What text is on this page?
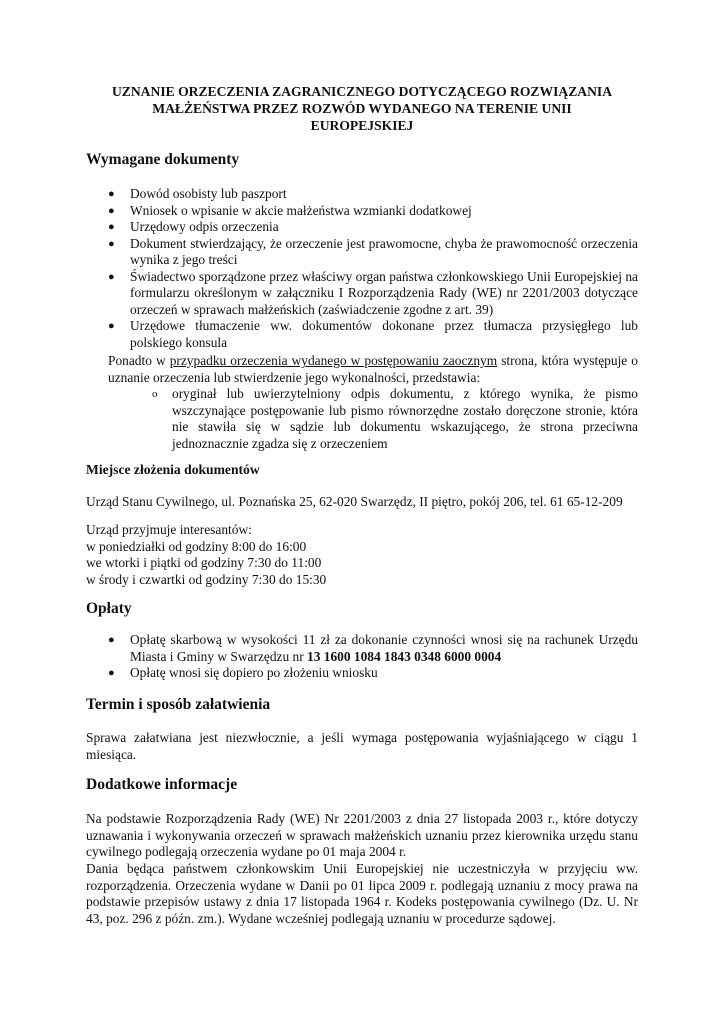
UZNANIE ORZECZENIA ZAGRANICZNEGO DOTYCZĄCEGO ROZWIĄZANIA
MAŁŻEŃSTWA PRZEZ ROZWÓD WYDANEGO NA TERENIE UNII
EUROPEJSKIEJ
Wymagane dokumenty
● Dowód osobisty lub paszport
● Wniosek o wpisanie w akcie małżeństwa wzmianki dodatkowej
● Urzędowy odpis orzeczenia
● Dokument stwierdzający, że orzeczenie jest prawomocne, chyba że prawomocność orzeczenia wynika z jego treści
● Świadectwo sporządzone przez właściwy organ państwa członkowskiego Unii Europejskiej na formularzu określonym w załączniku I Rozporządzenia Rady (WE) nr 2201/2003 dotyczące orzeczeń w sprawach małżeńskich (zaświadczenie zgodne z art. 39)
● Urzędowe tłumaczenie ww. dokumentów dokonane przez tłumacza przysięgłego lub polskiego konsula
Ponadto w przypadku orzeczenia wydanego w postępowaniu zaocznym strona, która występuje o uznanie orzeczenia lub stwierdzenie jego wykonalności, przedstawia:
o oryginał lub uwierzytelniony odpis dokumentu, z którego wynika, że pismo wszczynające postępowanie lub pismo równorzędne zostało doręczone stronie, która nie stawiła się w sądzie lub dokumentu wskazującego, że strona przeciwna jednoznacznie zgadza się z orzeczeniem
Miejsce złożenia dokumentów
Urząd Stanu Cywilnego, ul. Poznańska 25, 62-020 Swarzędz, II piętro, pokój 206, tel. 61 65-12-209
Urząd przyjmuje interesantów:
w poniedziałki od godziny 8:00 do 16:00
we wtorki i piątki od godziny 7:30 do 11:00
w środy i czwartki od godziny 7:30 do 15:30
Opłaty
● Opłatę skarbową w wysokości 11 zł za dokonanie czynności wnosi się na rachunek Urzędu Miasta i Gminy w Swarzędzu nr 13 1600 1084 1843 0348 6000 0004
● Opłatę wnosi się dopiero po złożeniu wniosku
Termin i sposób załatwienia
Sprawa załatwiana jest niezwłocznie, a jeśli wymaga postępowania wyjaśniającego w ciągu 1 miesiąca.
Dodatkowe informacje
Na podstawie Rozporządzenia Rady (WE) Nr 2201/2003 z dnia 27 listopada 2003 r., które dotyczy uznawania i wykonywania orzeczeń w sprawach małżeńskich uznaniu przez kierownika urzędu stanu cywilnego podlegają orzeczenia wydane po 01 maja 2004 r.
Dania będąca państwem członkowskim Unii Europejskiej nie uczestniczyła w przyjęciu ww. rozporządzenia. Orzeczenia wydane w Danii po 01 lipca 2009 r. podlegają uznaniu z mocy prawa na podstawie przepisów ustawy z dnia 17 listopada 1964 r. Kodeks postępowania cywilnego (Dz. U. Nr 43, poz. 296 z późn. zm.). Wydane wcześniej podlegają uznaniu w procedurze sądowej.
